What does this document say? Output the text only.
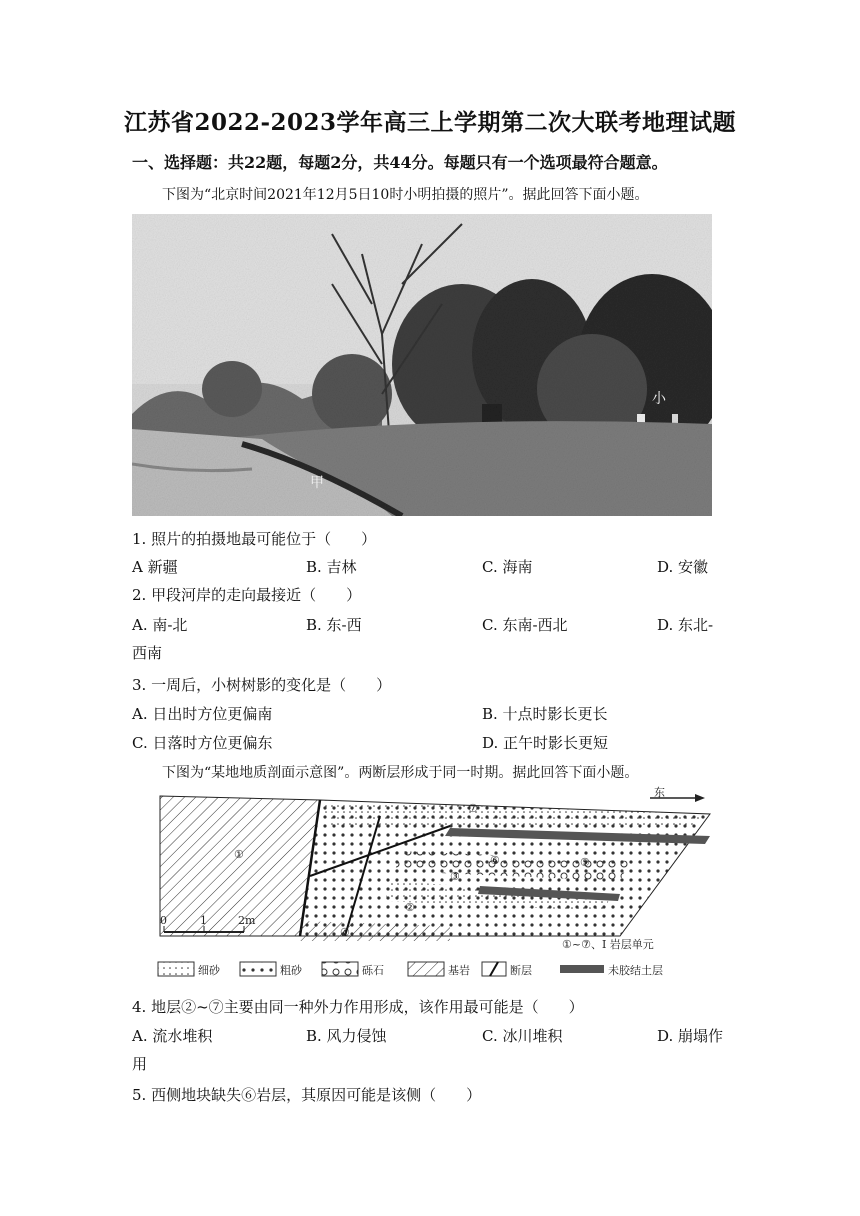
江苏省2022-2023学年高三上学期第二次大联考地理试题
一、选择题：共22题，每题2分，共44分。每题只有一个选项最符合题意。
下图为“北京时间2021年12月5日10时小明拍摄的照片”。据此回答下面小题。
甲
小
1. 照片的拍摄地最可能位于（　　）
A 新疆	B. 吉林	C. 海南	D. 安徽
2. 甲段河岸的走向最接近（　　）
A. 南-北	B. 东-西	C. 东南-西北	D. 东北-
西南
3. 一周后，小树树影的变化是（　　）
A. 日出时方位更偏南	B. 十点时影长更长
C. 日落时方位更偏东	D. 正午时影长更短
下图为“某地地质剖面示意图”。两断层形成于同一时期。据此回答下面小题。
东
0	1	2m
①~⑦、Ⅰ 岩层单元
①
②
③
④
⑤
⑥
⑦
细砂	粗砂	砾石	基岩	断层	未胶结土层
4. 地层②~⑦主要由同一种外力作用形成，该作用最可能是（　　）
A. 流水堆积	B. 风力侵蚀	C. 冰川堆积	D. 崩塌作
用
5. 西侧地块缺失⑥岩层，其原因可能是该侧（　　）
